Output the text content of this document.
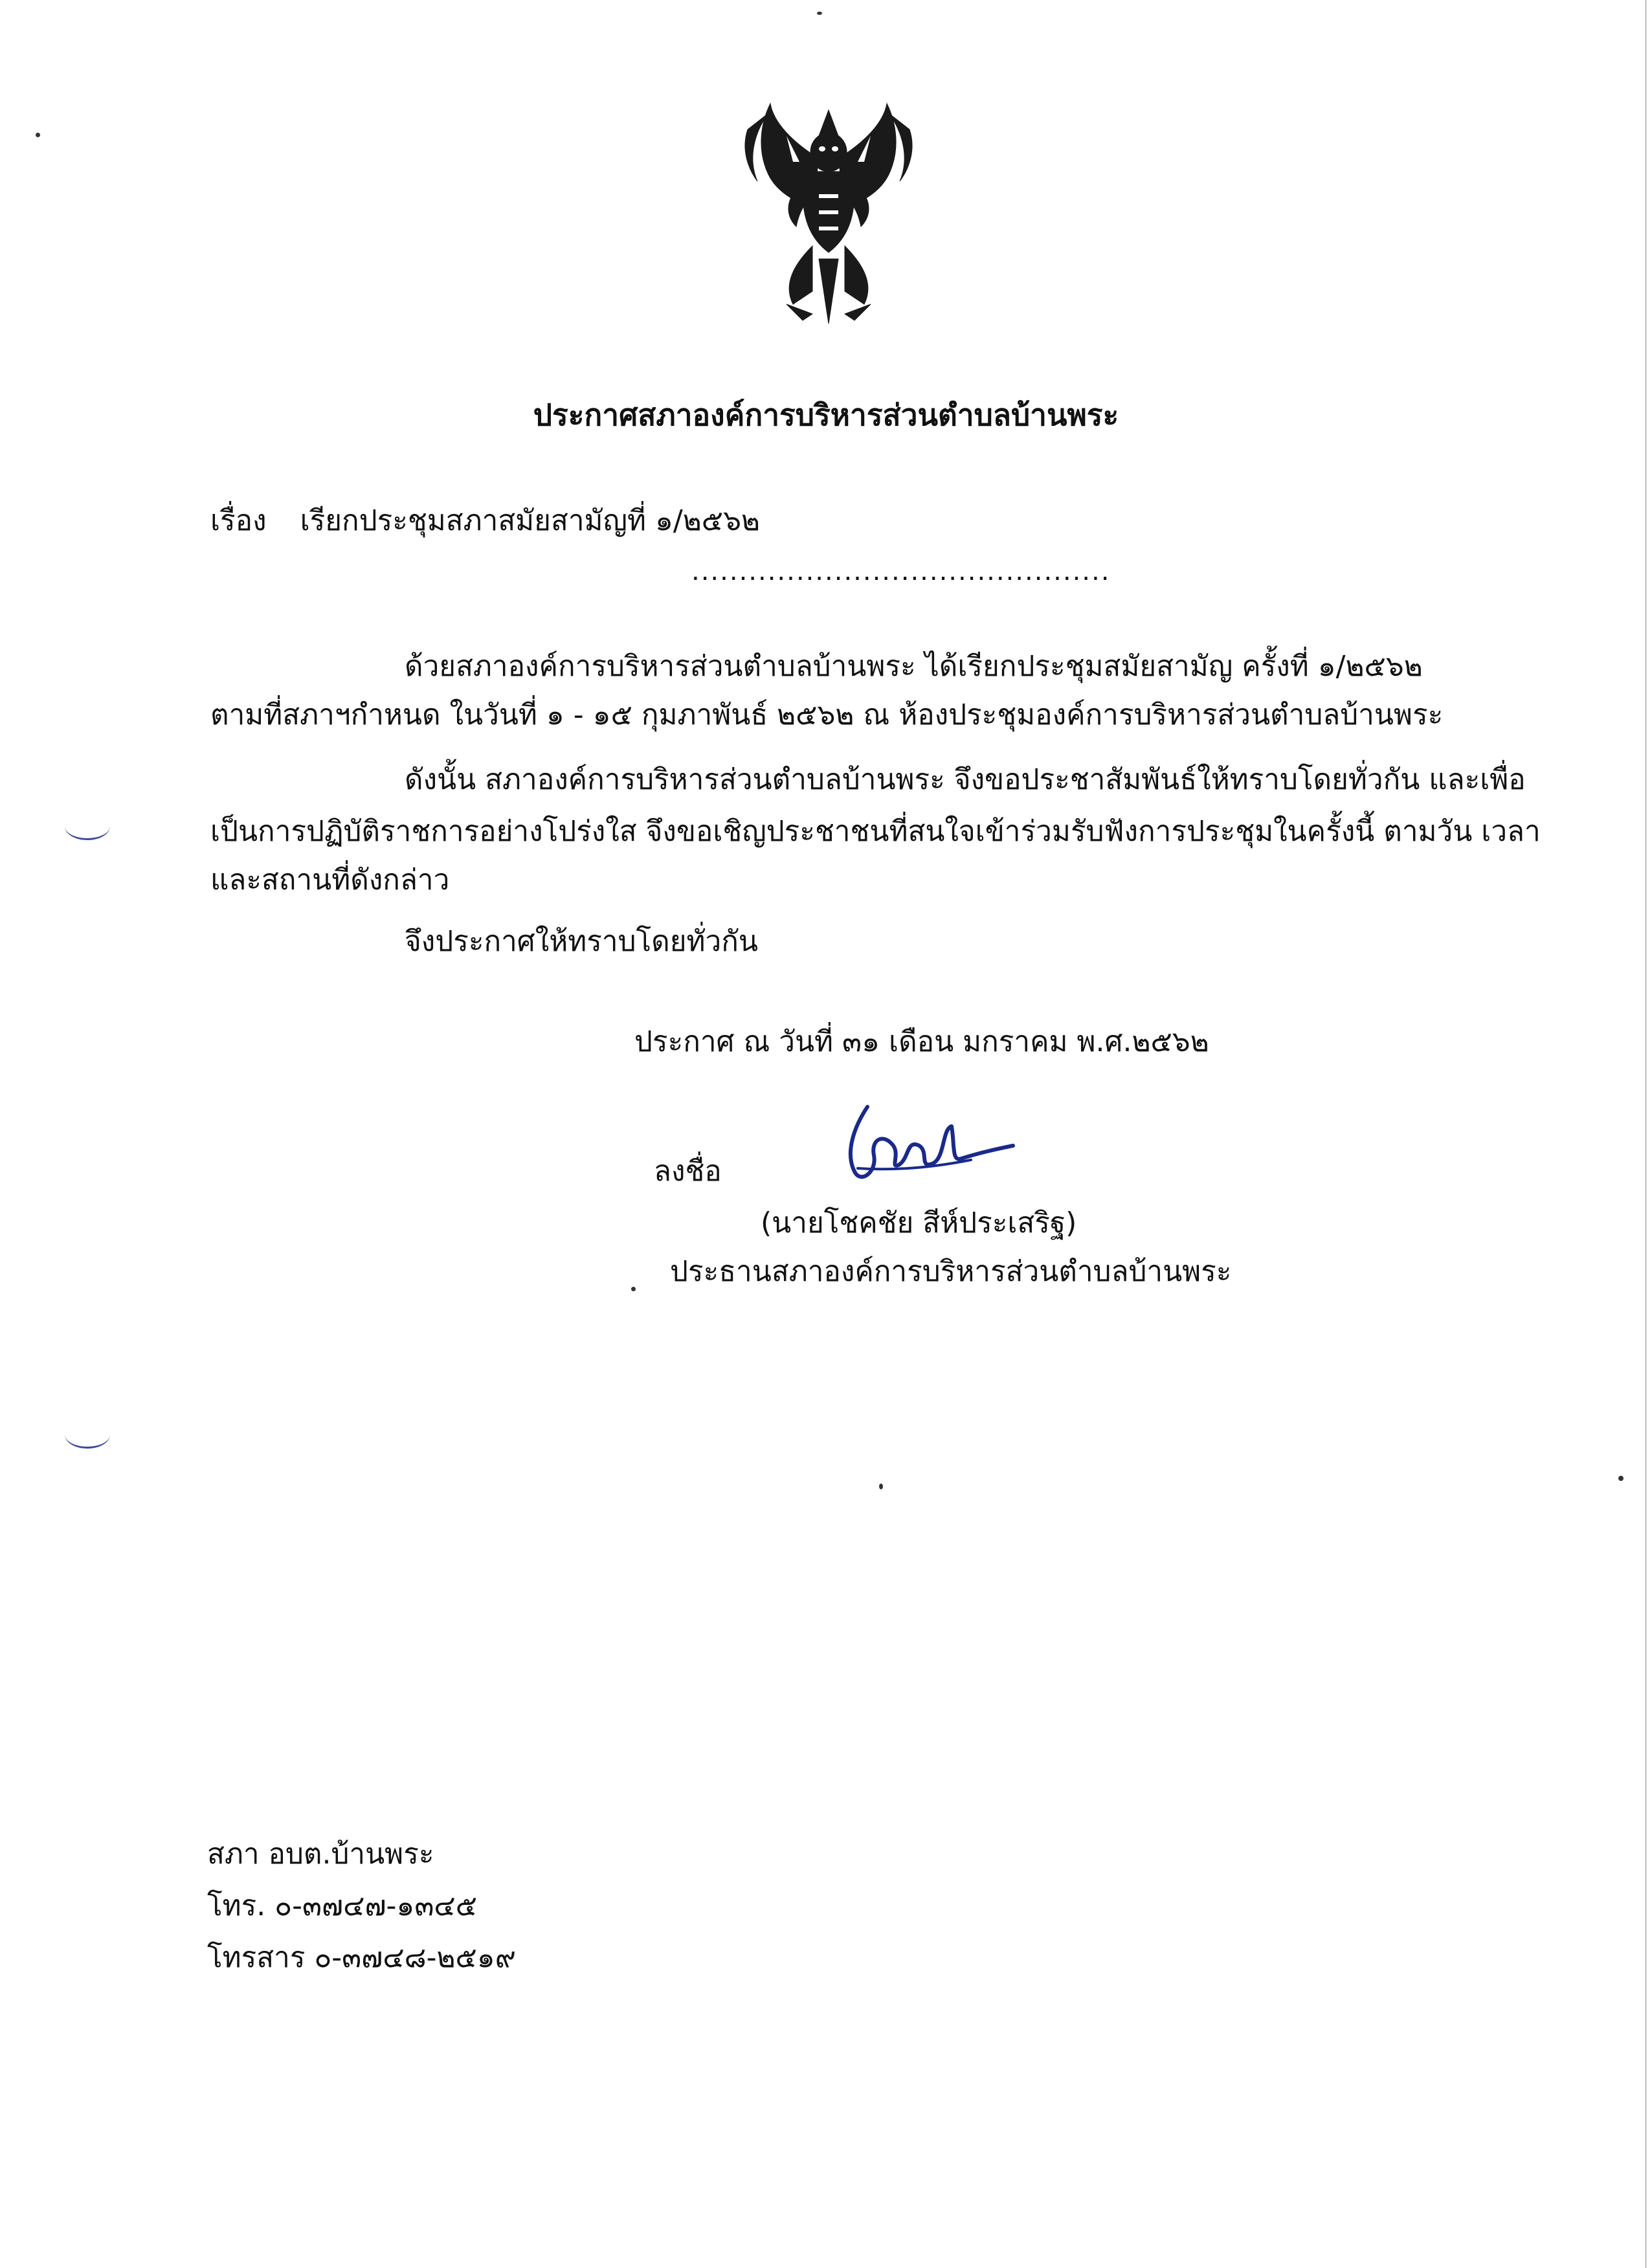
ประกาศสภาองค์การบริหารส่วนตำบลบ้านพระ
เรื่อง เรียกประชุมสภาสมัยสามัญที่ ๑/๒๕๖๒
............................................
ด้วยสภาองค์การบริหารส่วนตำบลบ้านพระ ได้เรียกประชุมสมัยสามัญ ครั้งที่ ๑/๒๕๖๒
ตามที่สภาฯกำหนด ในวันที่ ๑ - ๑๕ กุมภาพันธ์ ๒๕๖๒ ณ ห้องประชุมองค์การบริหารส่วนตำบลบ้านพระ
ดังนั้น สภาองค์การบริหารส่วนตำบลบ้านพระ จึงขอประชาสัมพันธ์ให้ทราบโดยทั่วกัน และเพื่อ
เป็นการปฏิบัติราชการอย่างโปร่งใส จึงขอเชิญประชาชนที่สนใจเข้าร่วมรับฟังการประชุมในครั้งนี้ ตามวัน เวลา
และสถานที่ดังกล่าว
จึงประกาศให้ทราบโดยทั่วกัน
ประกาศ ณ วันที่ ๓๑ เดือน มกราคม พ.ศ.๒๕๖๒
ลงชื่อ
(นายโชคชัย สีห์ประเสริฐ)
ประธานสภาองค์การบริหารส่วนตำบลบ้านพระ
สภา อบต.บ้านพระ
โทร. ๐-๓๗๔๗-๑๓๔๕
โทรสาร ๐-๓๗๔๘-๒๕๑๙
